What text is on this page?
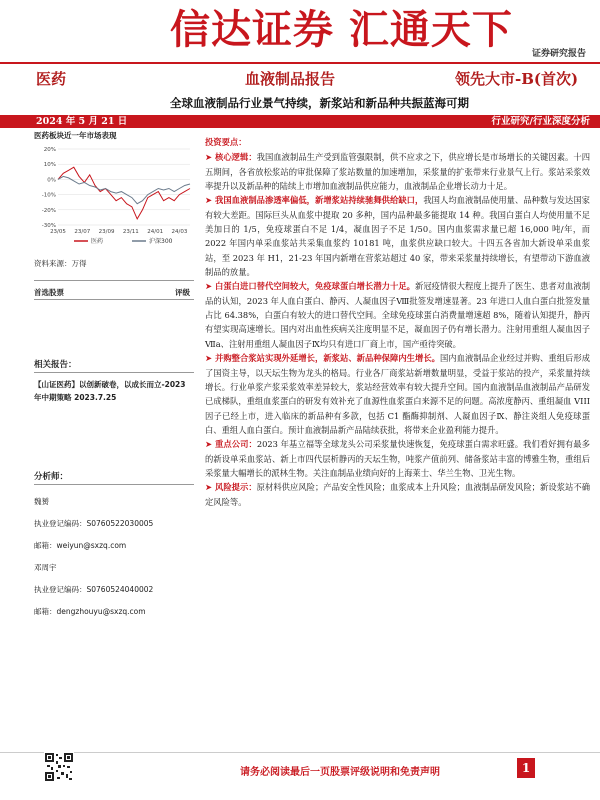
信达证券 汇通天下
证券研究报告
医药	血液制品报告	领先大市-B(首次)
全球血液制品行业景气持续，新浆站和新品种共振蓝海可期
2024 年 5 月 21 日	行业研究/行业深度分析
医药板块近一年市场表现
20%
10%
0%
-10%
-20%
-30%
23/05 23/07 23/09 23/11 24/01 24/03
医药	沪深300
资料来源：万得
首选股票	评级
相关报告：
【山证医药】以创新破卷，以成长而立-2023 年中期策略 2023.7.25
分析师：
魏赟
执业登记编码：S0760522030005
邮箱：weiyun@sxzq.com
邓周宇
执业登记编码：S0760524040002
邮箱：dengzhouyu@sxzq.com
投资要点：

➤ 核心逻辑：我国血液制品生产受到监管强限制，供不应求之下，供应增长是市场增长的关键因素。十四五期间，各省放松浆站的审批保障了浆站数量的加速增加，采浆量的扩张带来行业景气上行。浆站采浆效率提升以及新品种的陆续上市增加血液制品供应能力，血液制品企业增长动力十足。

➤ 我国血液制品渗透率偏低，新增浆站持续驰舞供给缺口，我国人均血液制品使用量、品种数与发达国家有较大差距。国际巨头从血浆中提取 20 多种，国内品种最多能提取 14 种。我国白蛋白人均使用量不足美加日的 1/5，免疫球蛋白不足 1/4，凝血因子不足 1/50。国内血浆需求量已超 16,000 吨/年，而 2022 年国内单采血浆站共采集血浆约 10181 吨，血浆供应缺口较大。十四五各省加大新设单采血浆站，至 2023 年 H1，21-23 年国内新增在营浆站超过 40 家，带来采浆量持续增长，有望带动下游血液制品的放量。

➤ 白蛋白进口替代空间较大，免疫球蛋白增长潜力十足。新冠疫情很大程度上提升了医生、患者对血液制品的认知，2023 年人血白蛋白、静丙、人凝血因子Ⅷ批签发增速显著。23 年进口人血白蛋白批签发量占比 64.38%，白蛋白有较大的进口替代空间。全球免疫球蛋白消费量增速超 8%，随着认知提升，静丙有望实现高速增长。国内对出血性疾病关注度明显不足，凝血因子仍有增长潜力。注射用重组人凝血因子Ⅶa、注射用重组人凝血因子Ⅸ均只有进口厂商上市，国产亟待突破。

➤ 并购整合浆站实现外延增长，新浆站、新品种保障内生增长。国内血液制品企业经过并购、重组后形成了国资主导，以天坛生物为龙头的格局。行业各厂商浆站新增数量明显，受益于浆站的投产，采浆量持续增长。行业单浆产浆采浆效率差异较大，浆站经营效率有较大提升空间。国内血液制品血液制品产品研发已成梯队，重组血浆蛋白的研发有效补充了血源性血浆蛋白来源不足的问题。高浓度静丙、重组凝血 VIII 因子已经上市，进入临床的新品种有多款，包括 C1 酯酶抑制剂、人凝血因子Ⅸ、静注炎组人免疫球蛋白、重组人血白蛋白。预计血液制品新产品陆续获批，将带来企业盈利能力提升。

➤ 重点公司：2023 年基立福等全球龙头公司采浆量快速恢复，免疫球蛋白需求旺盛。我们看好拥有最多的新设单采血浆站、新上市四代层析静丙的天坛生物，吨浆产值前列、储备浆站丰富的博雅生物，重组后采浆量大幅增长的派林生物。关注血制品业绩向好的上海莱士、华兰生物、卫光生物。

➤ 风险提示：原材料供应风险；产品安全性风险；血浆成本上升风险；血液制品研发风险；新设浆站不确定风险等。

请务必阅读最后一页股票评级说明和免责声明	1
